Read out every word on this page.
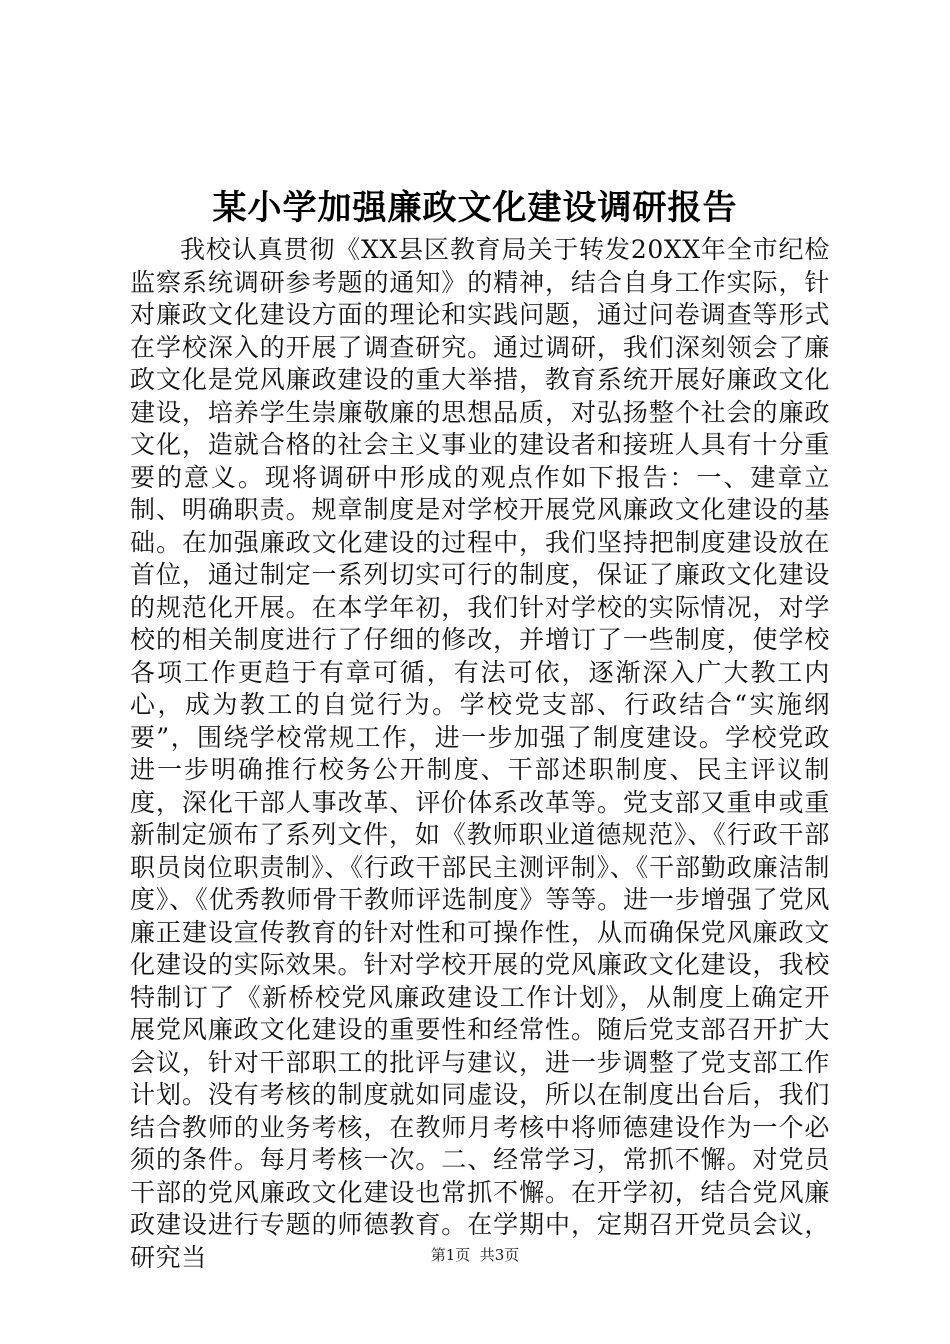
某小学加强廉政文化建设调研报告

我校认真贯彻《XX县区教育局关于转发20XX年全市纪检监察系统调研参考题的通知》的精神，结合自身工作实际，针对廉政文化建设方面的理论和实践问题，通过问卷调查等形式在学校深入的开展了调查研究。通过调研，我们深刻领会了廉政文化是党风廉政建设的重大举措，教育系统开展好廉政文化建设，培养学生崇廉敬廉的思想品质，对弘扬整个社会的廉政文化，造就合格的社会主义事业的建设者和接班人具有十分重要的意义。现将调研中形成的观点作如下报告：一、建章立制、明确职责。规章制度是对学校开展党风廉政文化建设的基础。在加强廉政文化建设的过程中，我们坚持把制度建设放在首位，通过制定一系列切实可行的制度，保证了廉政文化建设的规范化开展。在本学年初，我们针对学校的实际情况，对学校的相关制度进行了仔细的修改，并增订了一些制度，使学校各项工作更趋于有章可循，有法可依，逐渐深入广大教工内心，成为教工的自觉行为。学校党支部、行政结合“实施纲要”，围绕学校常规工作，进一步加强了制度建设。学校党政进一步明确推行校务公开制度、干部述职制度、民主评议制度，深化干部人事改革、评价体系改革等。党支部又重申或重新制定颁布了系列文件，如《教师职业道德规范》、《行政干部职员岗位职责制》、《行政干部民主测评制》、《干部勤政廉洁制度》、《优秀教师骨干教师评选制度》等等。进一步增强了党风廉正建设宣传教育的针对性和可操作性，从而确保党风廉政文化建设的实际效果。针对学校开展的党风廉政文化建设，我校特制订了《新桥校党风廉政建设工作计划》，从制度上确定开展党风廉政文化建设的重要性和经常性。随后党支部召开扩大会议，针对干部职工的批评与建议，进一步调整了党支部工作计划。没有考核的制度就如同虚设，所以在制度出台后，我们结合教师的业务考核，在教师月考核中将师德建设作为一个必须的条件。每月考核一次。二、经常学习，常抓不懈。对党员干部的党风廉政文化建设也常抓不懈。在开学初，结合党风廉政建设进行专题的师德教育。在学期中，定期召开党员会议，研究当	第1页  共3页
